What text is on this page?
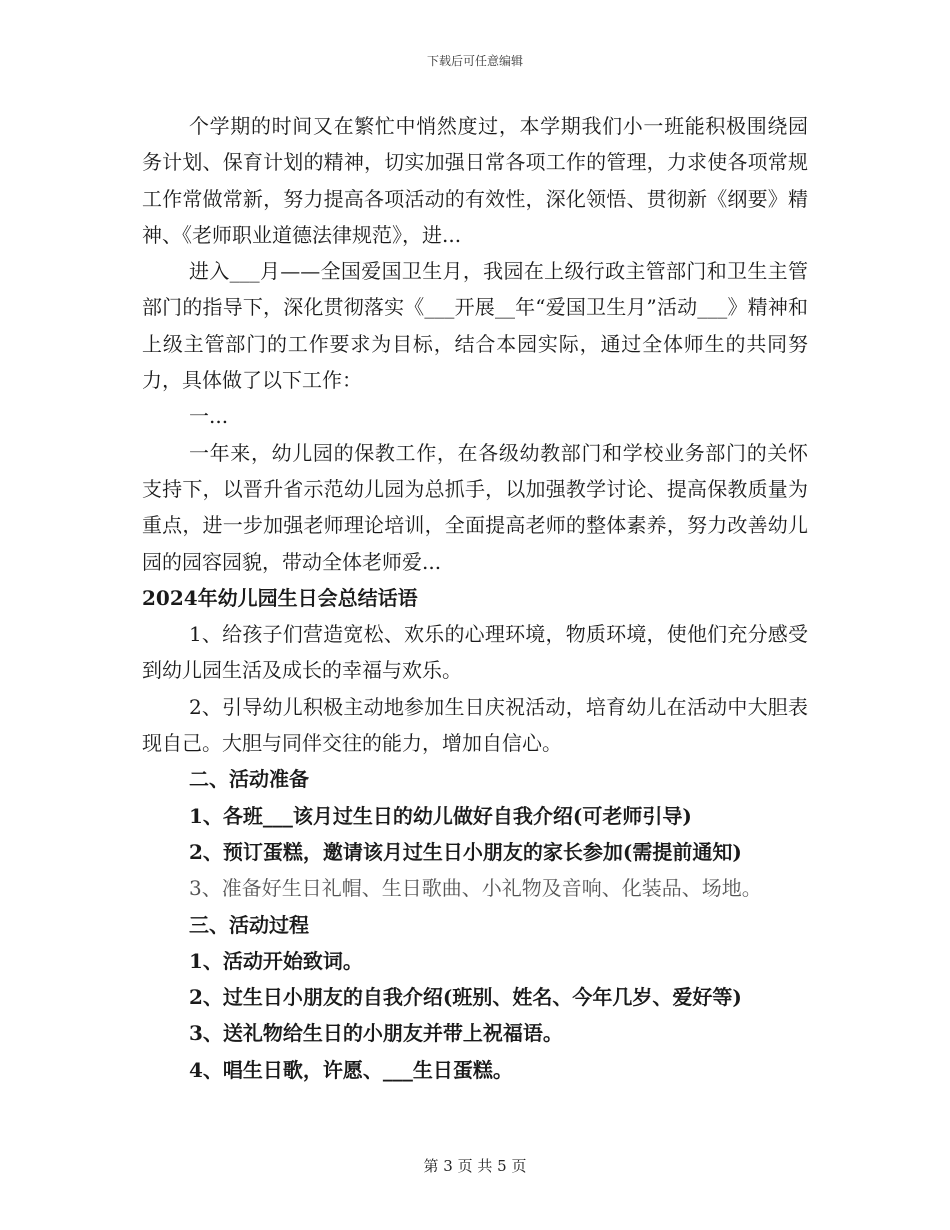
下载后可任意编辑

个学期的时间又在繁忙中悄然度过，本学期我们小一班能积极围绕园务计划、保育计划的精神，切实加强日常各项工作的管理，力求使各项常规工作常做常新，努力提高各项活动的有效性，深化领悟、贯彻新《纲要》精神、《老师职业道德法律规范》，进...

进入___月——全国爱国卫生月，我园在上级行政主管部门和卫生主管部门的指导下，深化贯彻落实《___开展__年“爱国卫生月”活动___》精神和上级主管部门的工作要求为目标，结合本园实际，通过全体师生的共同努力，具体做了以下工作：

一...

一年来，幼儿园的保教工作，在各级幼教部门和学校业务部门的关怀支持下，以晋升省示范幼儿园为总抓手，以加强教学讨论、提高保教质量为重点，进一步加强老师理论培训，全面提高老师的整体素养，努力改善幼儿园的园容园貌，带动全体老师爱...

2024年幼儿园生日会总结话语

1、给孩子们营造宽松、欢乐的心理环境，物质环境，使他们充分感受到幼儿园生活及成长的幸福与欢乐。

2、引导幼儿积极主动地参加生日庆祝活动，培育幼儿在活动中大胆表现自己。大胆与同伴交往的能力，增加自信心。

二、活动准备

1、各班___该月过生日的幼儿做好自我介绍(可老师引导)

2、预订蛋糕，邀请该月过生日小朋友的家长参加(需提前通知)

3、准备好生日礼帽、生日歌曲、小礼物及音响、化装品、场地。

三、活动过程

1、活动开始致词。

2、过生日小朋友的自我介绍(班别、姓名、今年几岁、爱好等)

3、送礼物给生日的小朋友并带上祝福语。

4、唱生日歌，许愿、___生日蛋糕。

第 3 页 共 5 页
